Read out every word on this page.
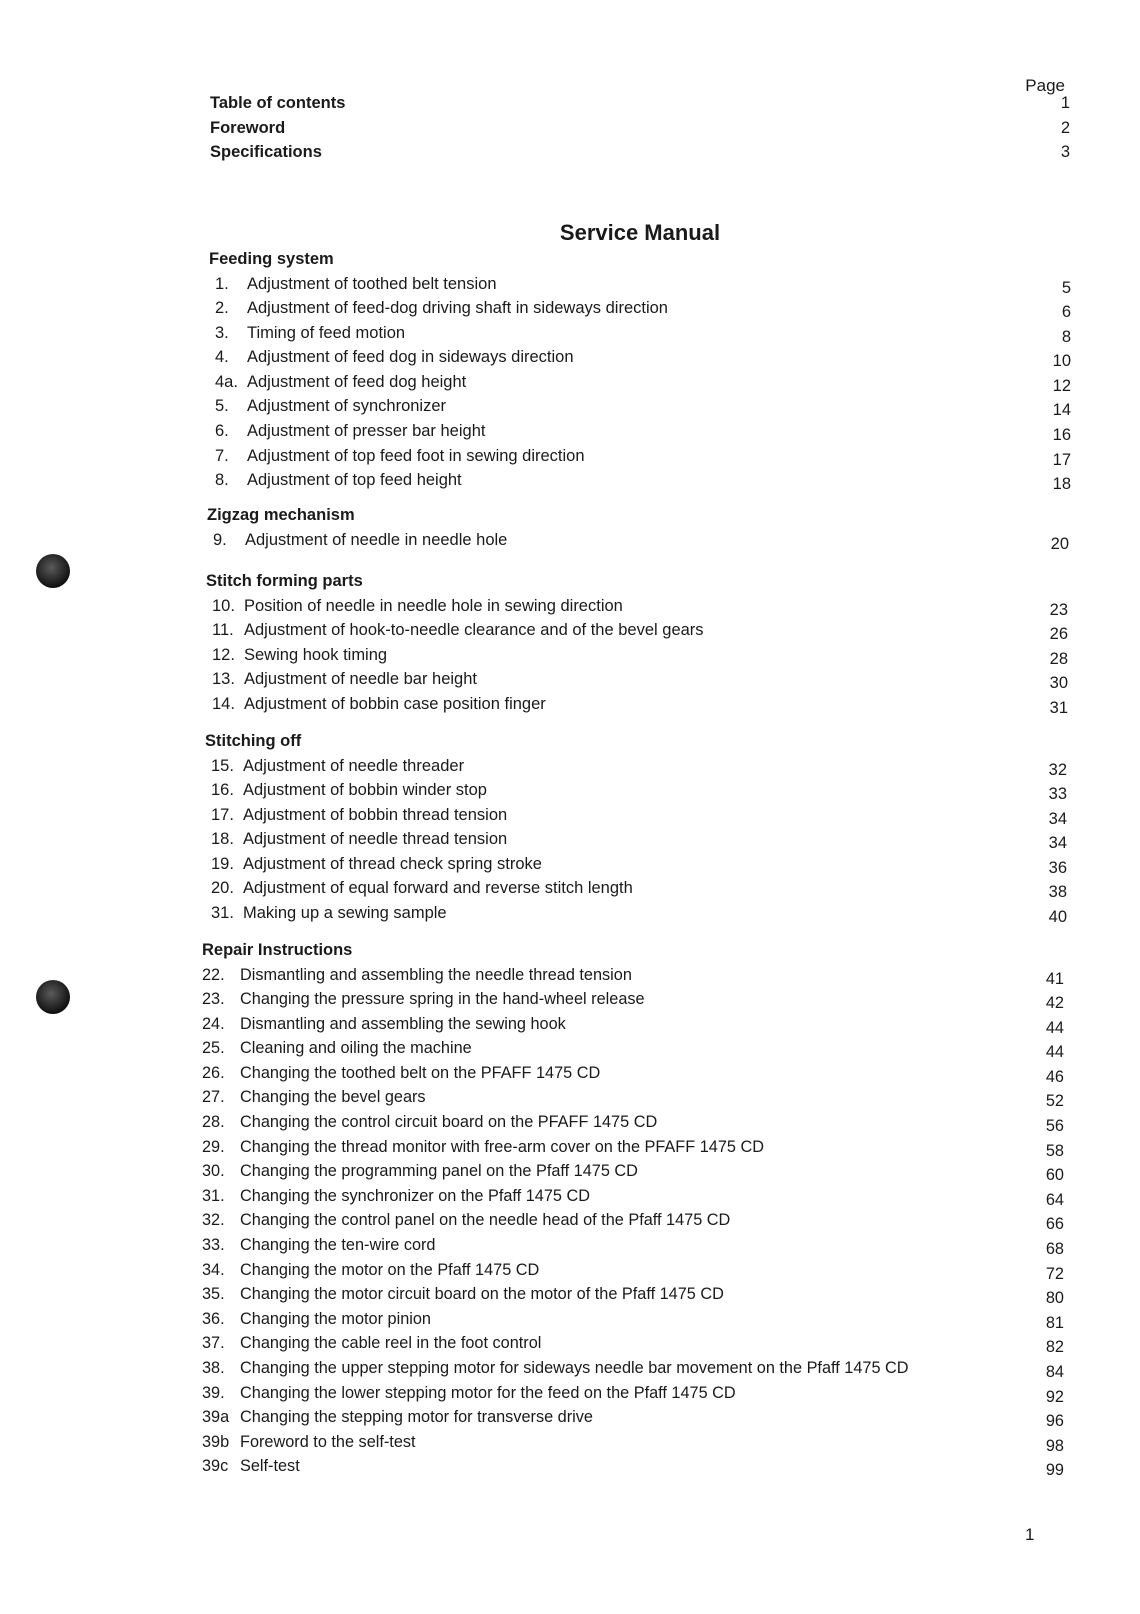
Page
Table of contents	1
Foreword	2
Specifications	3
Service Manual
Feeding system
1.	Adjustment of toothed belt tension	5
2.	Adjustment of feed-dog driving shaft in sideways direction	6
3.	Timing of feed motion	8
4.	Adjustment of feed dog in sideways direction	10
4a. Adjustment of feed dog height	12
5.	Adjustment of synchronizer	14
6.	Adjustment of presser bar height	16
7.	Adjustment of top feed foot in sewing direction	17
8.	Adjustment of top feed height	18
Zigzag mechanism
9.	Adjustment of needle in needle hole	20
Stitch forming parts
10. Position of needle in needle hole in sewing direction	23
11. Adjustment of hook-to-needle clearance and of the bevel gears	26
12. Sewing hook timing	28
13. Adjustment of needle bar height	30
14. Adjustment of bobbin case position finger	31
Stitching off
15. Adjustment of needle threader	32
16. Adjustment of bobbin winder stop	33
17. Adjustment of bobbin thread tension	34
18. Adjustment of needle thread tension	34
19. Adjustment of thread check spring stroke	36
20. Adjustment of equal forward and reverse stitch length	38
31. Making up a sewing sample	40
Repair Instructions
22. Dismantling and assembling the needle thread tension	41
23. Changing the pressure spring in the hand-wheel release	42
24. Dismantling and assembling the sewing hook	44
25. Cleaning and oiling the machine	44
26. Changing the toothed belt on the PFAFF 1475 CD	46
27. Changing the bevel gears	52
28. Changing the control circuit board on the PFAFF 1475 CD	56
29. Changing the thread monitor with free-arm cover on the PFAFF 1475 CD	58
30. Changing the programming panel on the Pfaff 1475 CD	60
31. Changing the synchronizer on the Pfaff 1475 CD	64
32. Changing the control panel on the needle head of the Pfaff 1475 CD	66
33. Changing the ten-wire cord	68
34. Changing the motor on the Pfaff 1475 CD	72
35. Changing the motor circuit board on the motor of the Pfaff 1475 CD	80
36. Changing the motor pinion	81
37. Changing the cable reel in the foot control	82
38. Changing the upper stepping motor for sideways needle bar movement on the Pfaff 1475 CD	84
39. Changing the lower stepping motor for the feed on the Pfaff 1475 CD	92
39a Changing the stepping motor for transverse drive	96
39b Foreword to the self-test	98
39c Self-test	99
1
